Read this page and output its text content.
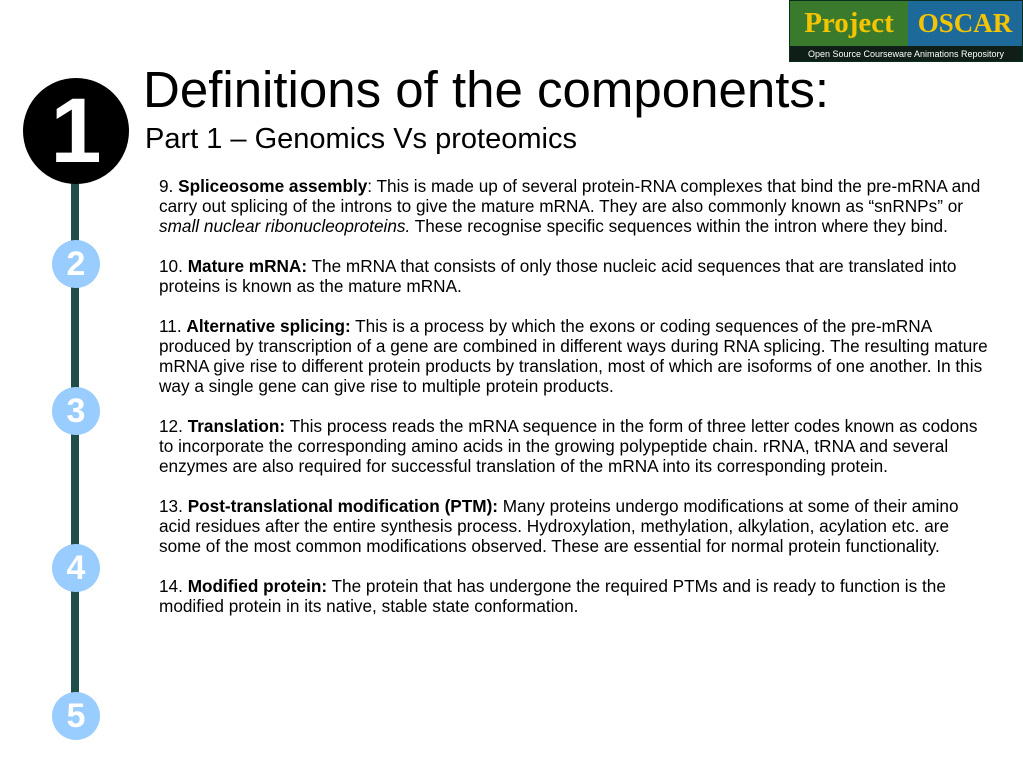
Project OSCAR
Open Source Courseware Animations Repository
1
2
3
4
5
Definitions of the components:
Part 1 – Genomics Vs proteomics

9. Spliceosome assembly: This is made up of several protein-RNA complexes that bind the pre-mRNA and carry out splicing of the introns to give the mature mRNA. They are also commonly known as “snRNPs” or small nuclear ribonucleoproteins. These recognise specific sequences within the intron where they bind.

10. Mature mRNA: The mRNA that consists of only those nucleic acid sequences that are translated into proteins is known as the mature mRNA.

11. Alternative splicing: This is a process by which the exons or coding sequences of the pre-mRNA produced by transcription of a gene are combined in different ways during RNA splicing. The resulting mature mRNA give rise to different protein products by translation, most of which are isoforms of one another. In this way a single gene can give rise to multiple protein products.

12. Translation: This process reads the mRNA sequence in the form of three letter codes known as codons to incorporate the corresponding amino acids in the growing polypeptide chain. rRNA, tRNA and several enzymes are also required for successful translation of the mRNA into its corresponding protein.

13. Post-translational modification (PTM): Many proteins undergo modifications at some of their amino acid residues after the entire synthesis process. Hydroxylation, methylation, alkylation, acylation etc. are some of the most common modifications observed. These are essential for normal protein functionality.

14. Modified protein: The protein that has undergone the required PTMs and is ready to function is the modified protein in its native, stable state conformation.
